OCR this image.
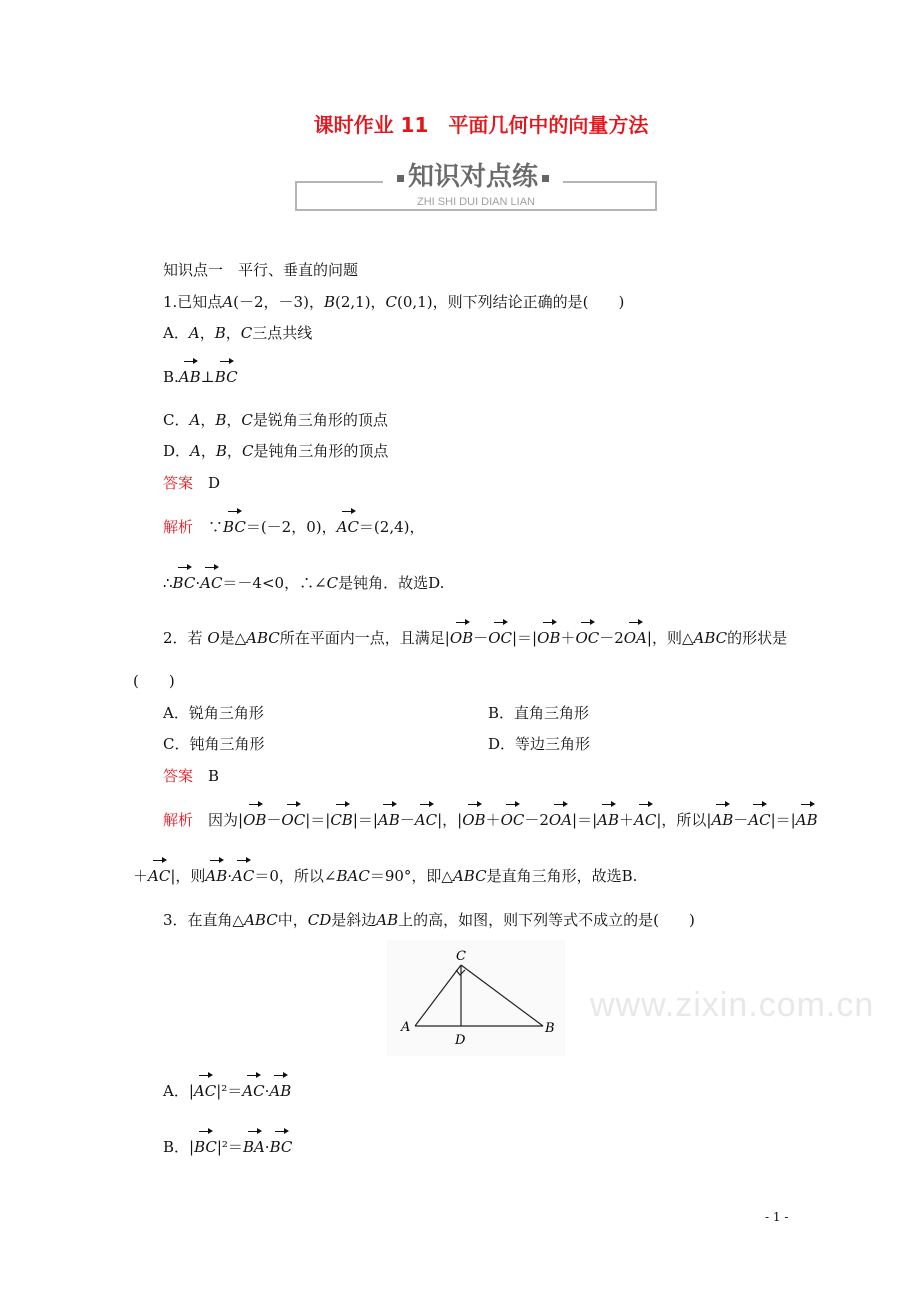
课时作业 11　平面几何中的向量方法
知识对点练
ZHI SHI DUI DIAN LIAN
知识点一　平行、垂直的问题
1.已知点A(－2，－3)，B(2,1)，C(0,1)，则下列结论正确的是(　　)
A．A，B，C三点共线
B.AB⊥BC
C．A，B，C是锐角三角形的顶点
D．A，B，C是钝角三角形的顶点
答案　D
解析　∵BC＝(－2，0)，AC＝(2,4)，
∴BC·AC＝－4<0，∴∠C是钝角．故选D.
2．若 O是△ABC所在平面内一点，且满足|OB－OC|＝|OB＋OC－2OA|，则△ABC的形状是
(　　)
A．锐角三角形	B．直角三角形
C．钝角三角形	D．等边三角形
答案　B
解析　因为|OB－OC|＝|CB|＝|AB－AC|，|OB＋OC－2OA|＝|AB＋AC|，所以|AB－AC|＝|AB
＋AC|，则AB·AC＝0，所以∠BAC＝90°，即△ABC是直角三角形，故选B.
3．在直角△ABC中，CD是斜边AB上的高，如图，则下列等式不成立的是(　　)
A．|AC|²＝AC·AB
B．|BC|²＝BA·BC
A	B
C
D
www.zixin.com.cn
- 1 -
